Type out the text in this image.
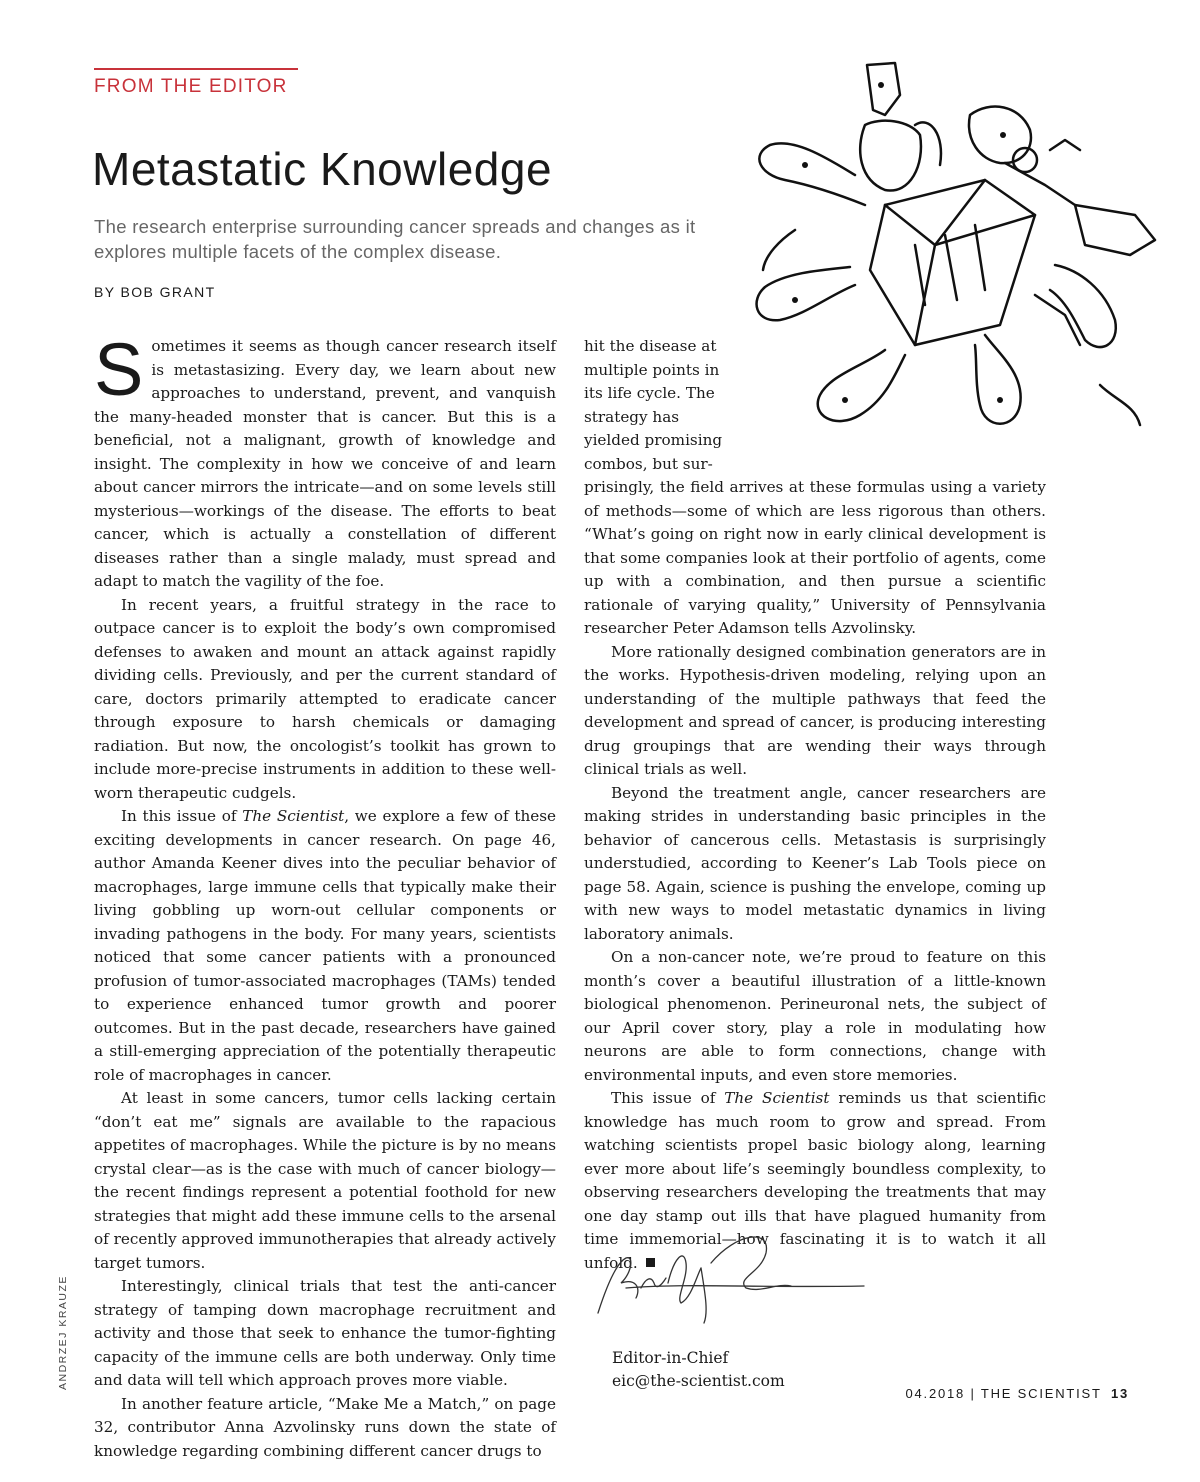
FROM THE EDITOR
Metastatic Knowledge

The research enterprise surrounding cancer spreads and changes as it explores multiple facets of the complex disease.

BY BOB GRANT

Sometimes it seems as though cancer research itself is metastasizing. Every day, we learn about new approaches to understand, prevent, and vanquish the many-headed monster that is cancer. But this is a beneficial, not a malignant, growth of knowledge and insight. The complexity in how we conceive of and learn about cancer mirrors the intricate—and on some levels still mysterious—workings of the disease. The efforts to beat cancer, which is actually a constellation of different diseases rather than a single malady, must spread and adapt to match the vagility of the foe.

In recent years, a fruitful strategy in the race to outpace cancer is to exploit the body’s own compromised defenses to awaken and mount an attack against rapidly dividing cells. Previously, and per the current standard of care, doctors primarily attempted to eradicate cancer through exposure to harsh chemicals or damaging radiation. But now, the oncologist’s toolkit has grown to include more-precise instruments in addition to these well-worn therapeutic cudgels.

In this issue of The Scientist, we explore a few of these exciting developments in cancer research. On page 46, author Amanda Keener dives into the peculiar behavior of macrophages, large immune cells that typically make their living gobbling up worn-out cellular components or invading pathogens in the body. For many years, scientists noticed that some cancer patients with a pronounced profusion of tumor-associated macrophages (TAMs) tended to experience enhanced tumor growth and poorer outcomes. But in the past decade, researchers have gained a still-emerging appreciation of the potentially therapeutic role of macrophages in cancer.

At least in some cancers, tumor cells lacking certain “don’t eat me” signals are available to the rapacious appetites of macrophages. While the picture is by no means crystal clear—as is the case with much of cancer biology—the recent findings represent a potential foothold for new strategies that might add these immune cells to the arsenal of recently approved immunotherapies that already actively target tumors.

Interestingly, clinical trials that test the anti-cancer strategy of tamping down macrophage recruitment and activity and those that seek to enhance the tumor-fighting capacity of the immune cells are both underway. Only time and data will tell which approach proves more viable.

In another feature article, “Make Me a Match,” on page 32, contributor Anna Azvolinsky runs down the state of knowledge regarding combining different cancer drugs to

hit the disease at multiple points in its life cycle. The strategy has yielded promising combos, but sur-

prisingly, the field arrives at these formulas using a variety of methods—some of which are less rigorous than others. “What’s going on right now in early clinical development is that some companies look at their portfolio of agents, come up with a combination, and then pursue a scientific rationale of varying quality,” University of Pennsylvania researcher Peter Adamson tells Azvolinsky.

More rationally designed combination generators are in the works. Hypothesis-driven modeling, relying upon an understanding of the multiple pathways that feed the development and spread of cancer, is producing interesting drug groupings that are wending their ways through clinical trials as well.

Beyond the treatment angle, cancer researchers are making strides in understanding basic principles in the behavior of cancerous cells. Metastasis is surprisingly understudied, according to Keener’s Lab Tools piece on page 58. Again, science is pushing the envelope, coming up with new ways to model metastatic dynamics in living laboratory animals.

On a non-cancer note, we’re proud to feature on this month’s cover a beautiful illustration of a little-known biological phenomenon. Perineuronal nets, the subject of our April cover story, play a role in modulating how neurons are able to form connections, change with environmental inputs, and even store memories.

This issue of The Scientist reminds us that scientific knowledge has much room to grow and spread. From watching scientists propel basic biology along, learning ever more about life’s seemingly boundless complexity, to observing researchers developing the treatments that may one day stamp out ills that have plagued humanity from time immemorial—how fascinating it is to watch it all unfold.

Editor-in-Chief
eic@the-scientist.com
ANDRZEJ KRAUZE
04.2018 | THE SCIENTIST 13
